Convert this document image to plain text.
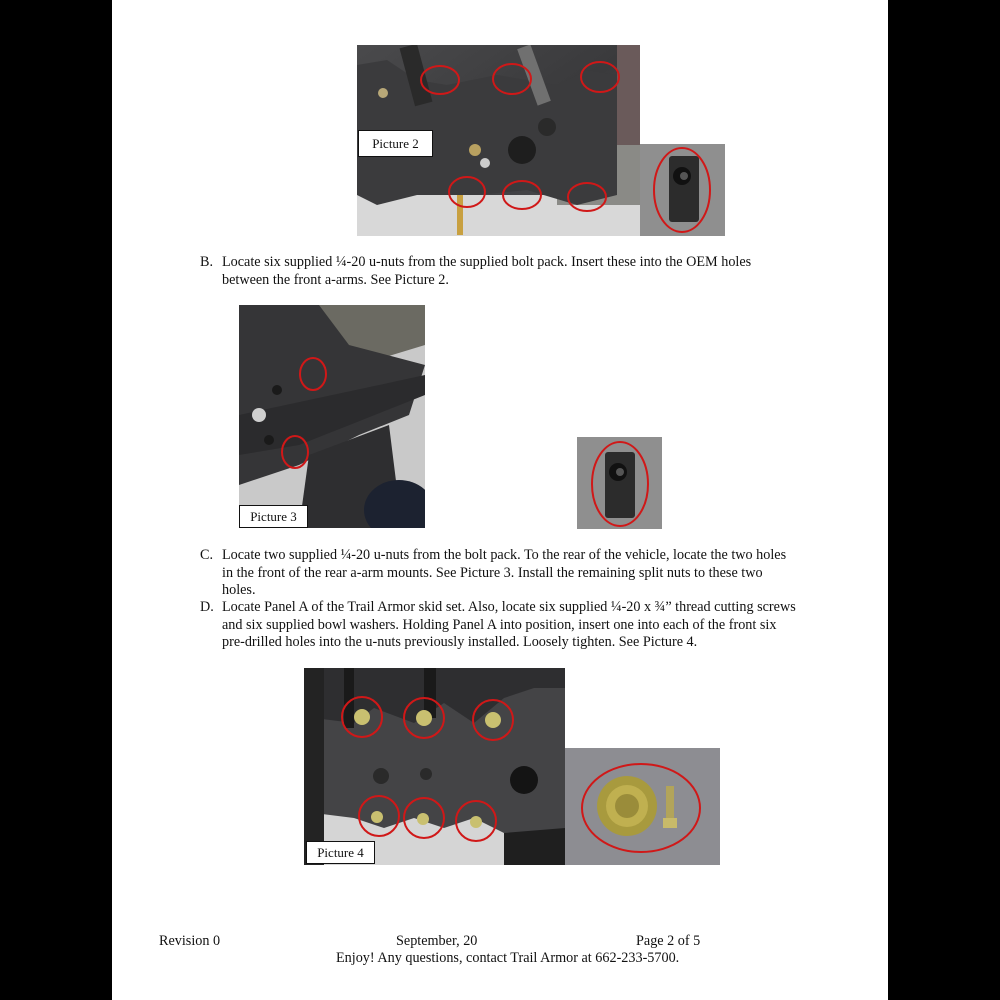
Picture 2
B. Locate six supplied ¼-20 u-nuts from the supplied bolt pack. Insert these into the OEM holes
between the front a-arms. See Picture 2.
Picture 3
C. Locate two supplied ¼-20 u-nuts from the bolt pack. To the rear of the vehicle, locate the two holes
in the front of the rear a-arm mounts. See Picture 3. Install the remaining split nuts to these two
holes.
D. Locate Panel A of the Trail Armor skid set. Also, locate six supplied ¼-20 x ¾” thread cutting screws
and six supplied bowl washers. Holding Panel A into position, insert one into each of the front six
pre-drilled holes into the u-nuts previously installed. Loosely tighten. See Picture 4.
Picture 4
Revision 0	September, 20	Page 2 of 5
Enjoy! Any questions, contact Trail Armor at 662-233-5700.
